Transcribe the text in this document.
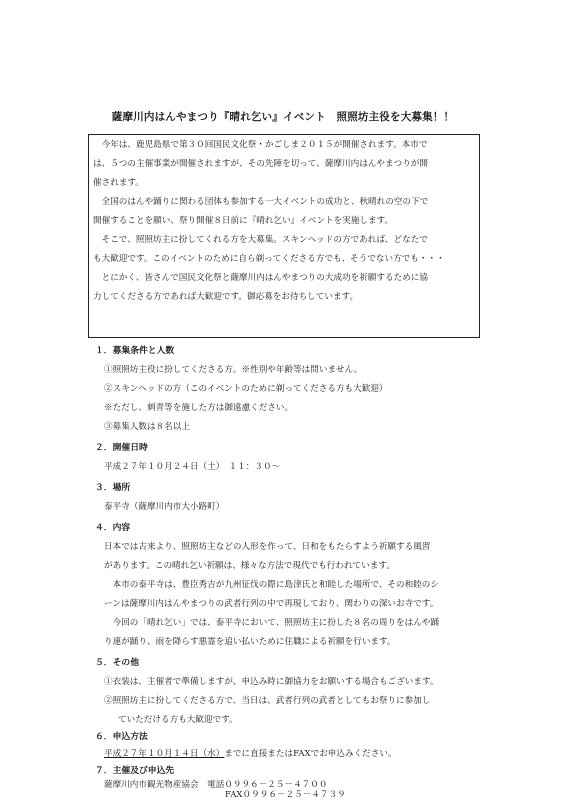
薩摩川内はんやまつり『晴れ乞い』イベント　照照坊主役を大募集！！
　今年は、鹿児島県で第３０回国民文化祭・かごしま２０１５が開催されます。本市で
は、５つの主催事業が開催されますが、その先陣を切って、薩摩川内はんやまつりが開
催されます。
　全国のはんや踊りに関わる団体も参加する一大イベントの成功と、秋晴れの空の下で
開催することを願い、祭り開催８日前に『晴れ乞い』イベントを実施します。
　そこで、照照坊主に扮してくれる方を大募集。スキンヘッドの方であれば、どなたで
も大歓迎です。このイベントのために自ら剃ってくださる方でも、そうでない方でも・・・
　とにかく、皆さんで国民文化祭と薩摩川内はんやまつりの大成功を祈願するために協
力してくださる方であれば大歓迎です。御応募をお待ちしています。
１．募集条件と人数
①照照坊主役に扮してくださる方。※性別や年齢等は問いません。
②スキンヘッドの方（このイベントのために剃ってくださる方も大歓迎）
※ただし、刺青等を施した方は御遠慮ください。
③募集人数は８名以上
２．開催日時
平成２７年１０月２４日（土）　１１：３０～
３．場所
泰平寺（薩摩川内市大小路町）
４．内容
日本では古来より、照照坊主などの人形を作って、日和をもたらすよう祈願する風習
があります。この晴れ乞い祈願は、様々な方法で現代でも行われています。
　本市の泰平寺は、豊臣秀吉が九州征伐の際に島津氏と和睦した場所で、その和睦のシ
ーンは薩摩川内はんやまつりの武者行列の中で再現しており、関わりの深いお寺です。
　今回の「晴れ乞い」では、泰平寺において、照照坊主に扮した８名の周りをはんや踊
り連が踊り、雨を降らす悪霊を追い払いために住職による祈願を行います。
５．その他
①衣装は、主催者で準備しますが、申込み時に御協力をお願いする場合もございます。
②照照坊主に扮してくださる方で、当日は、武者行列の武者としてもお祭りに参加し
ていただける方も大歓迎です。
６．申込方法
平成２７年１０月１４日（水）までに直接またはFAXでお申込みください。
７．主催及び申込先
薩摩川内市観光物産協会　電話０９９６－２５－４７００
FAX０９９６－２５－４７３９
